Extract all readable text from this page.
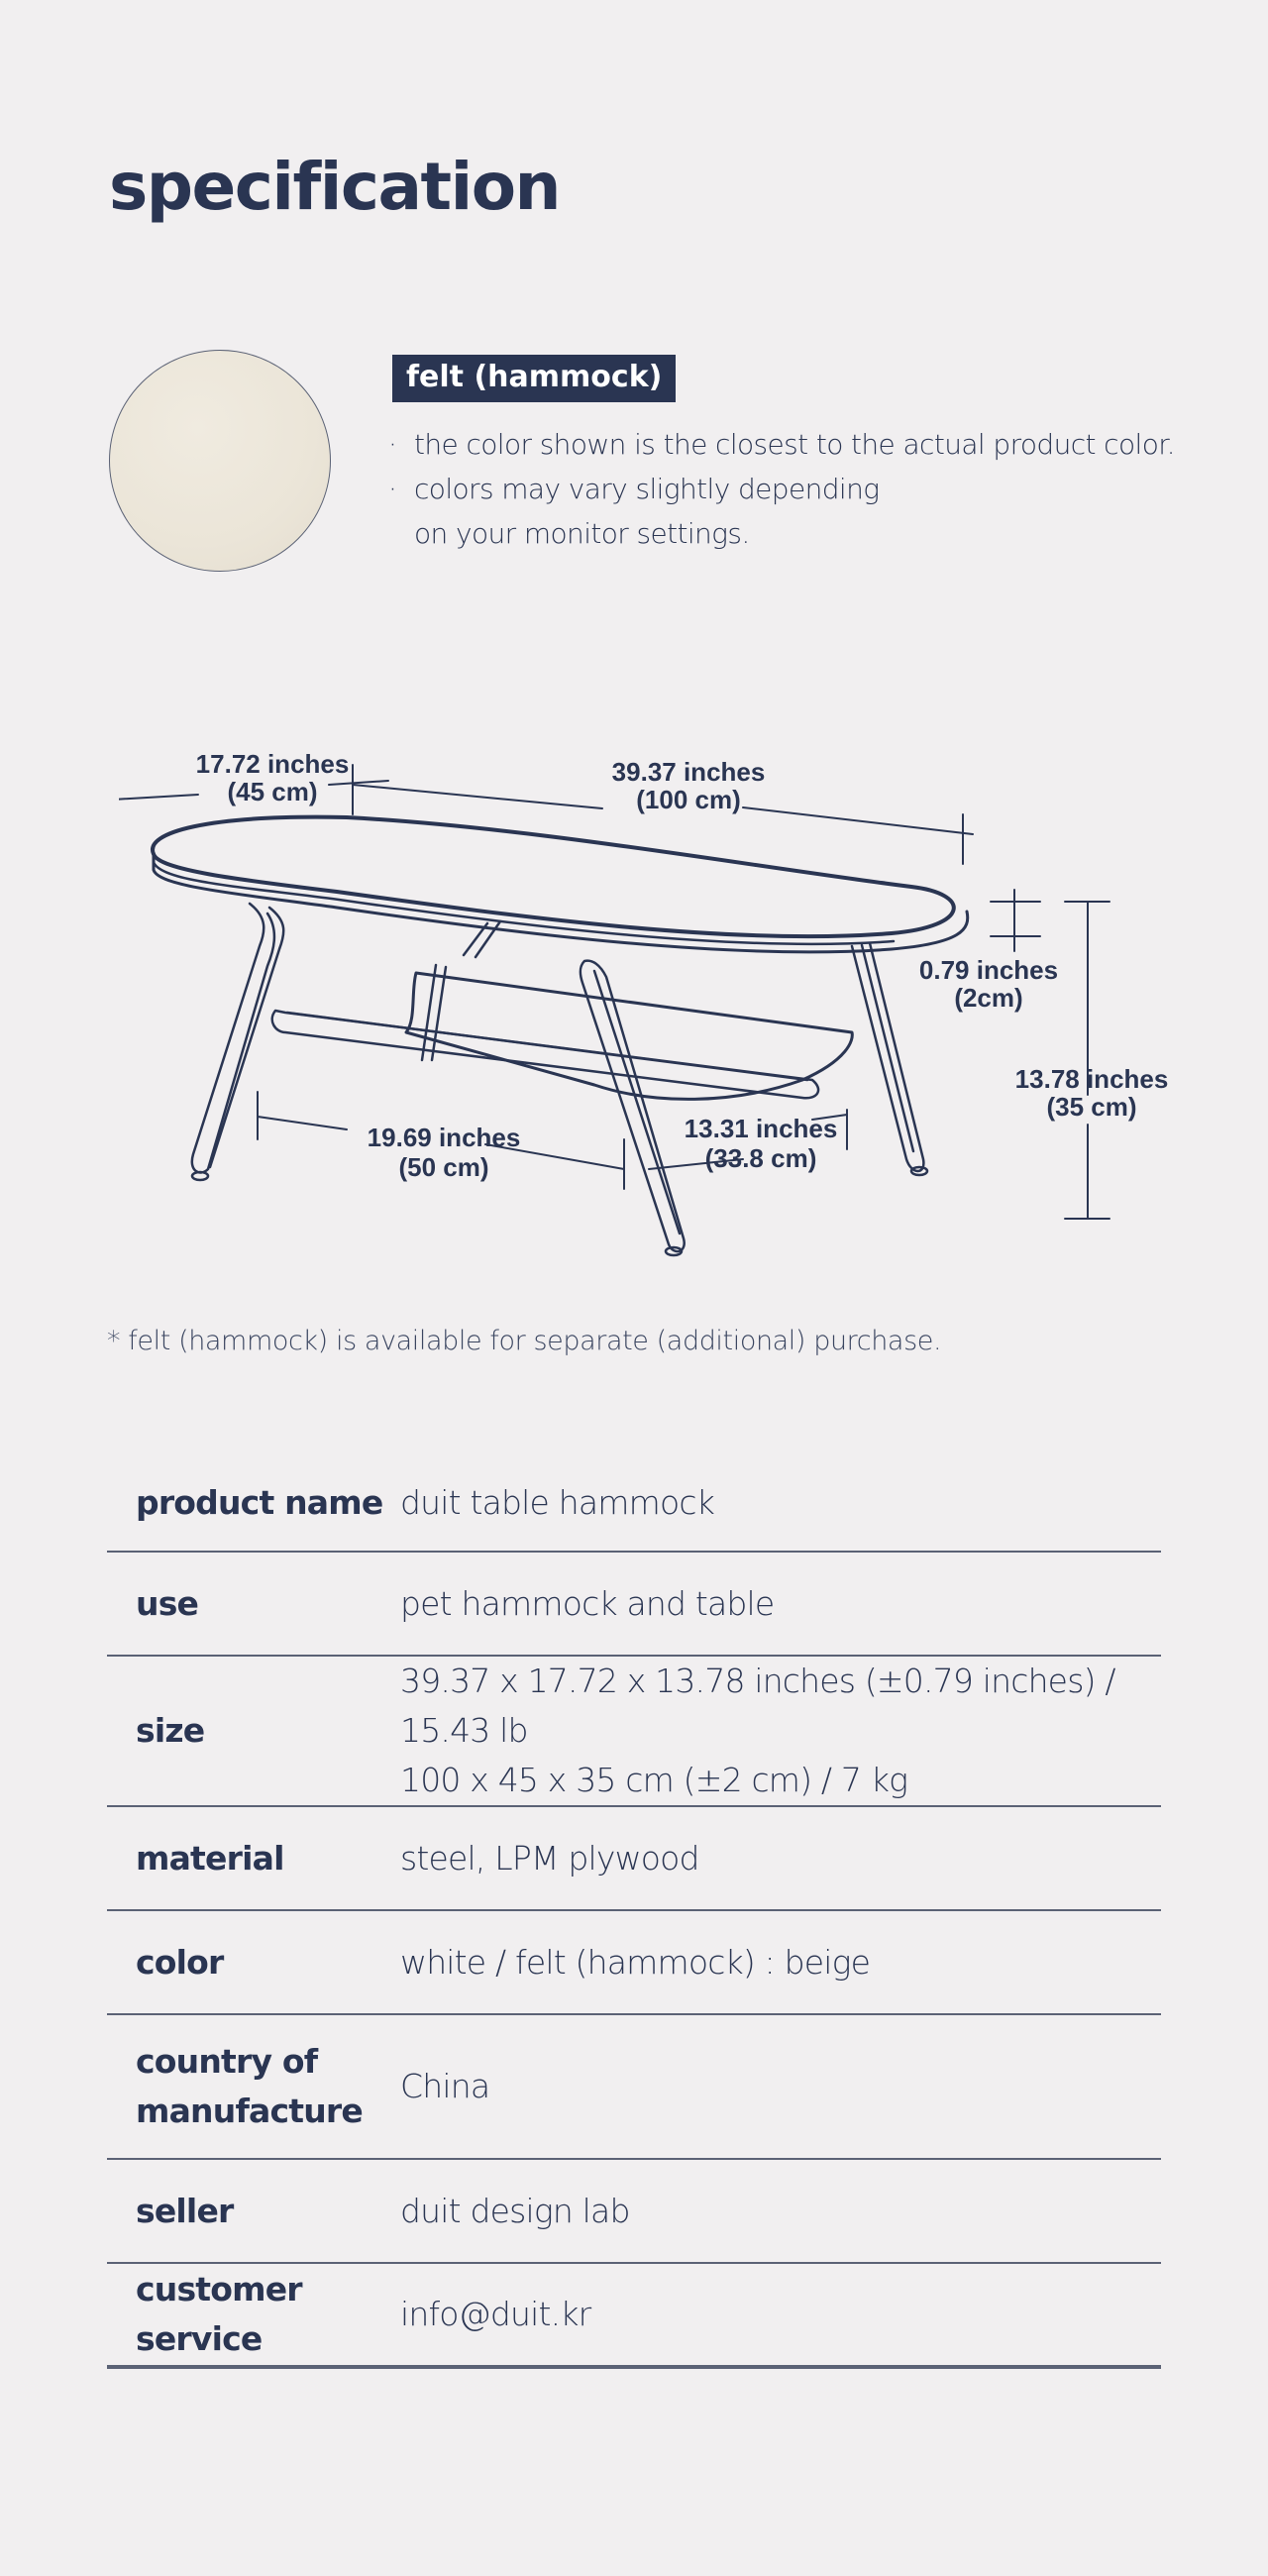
specification
felt (hammock)
· the color shown is the closest to the actual product color.
· colors may vary slightly depending
on your monitor settings.
17.72 inches
(45 cm)
39.37 inches
(100 cm)
0.79 inches
(2cm)
13.78 inches
(35 cm)
19.69 inches
(50 cm)
13.31 inches
(33.8 cm)

* felt (hammock) is available for separate (additional) purchase.

product name	duit table hammock
use	pet hammock and table
size	39.37 x 17.72 x 13.78 inches (±0.79 inches) / 15.43 lb
100 x 45 x 35 cm (±2 cm) / 7 kg

material	steel, LPM plywood
color	white / felt (hammock) : beige

country of
manufacture	China
seller	duit design lab
customer service	info@duit.kr
